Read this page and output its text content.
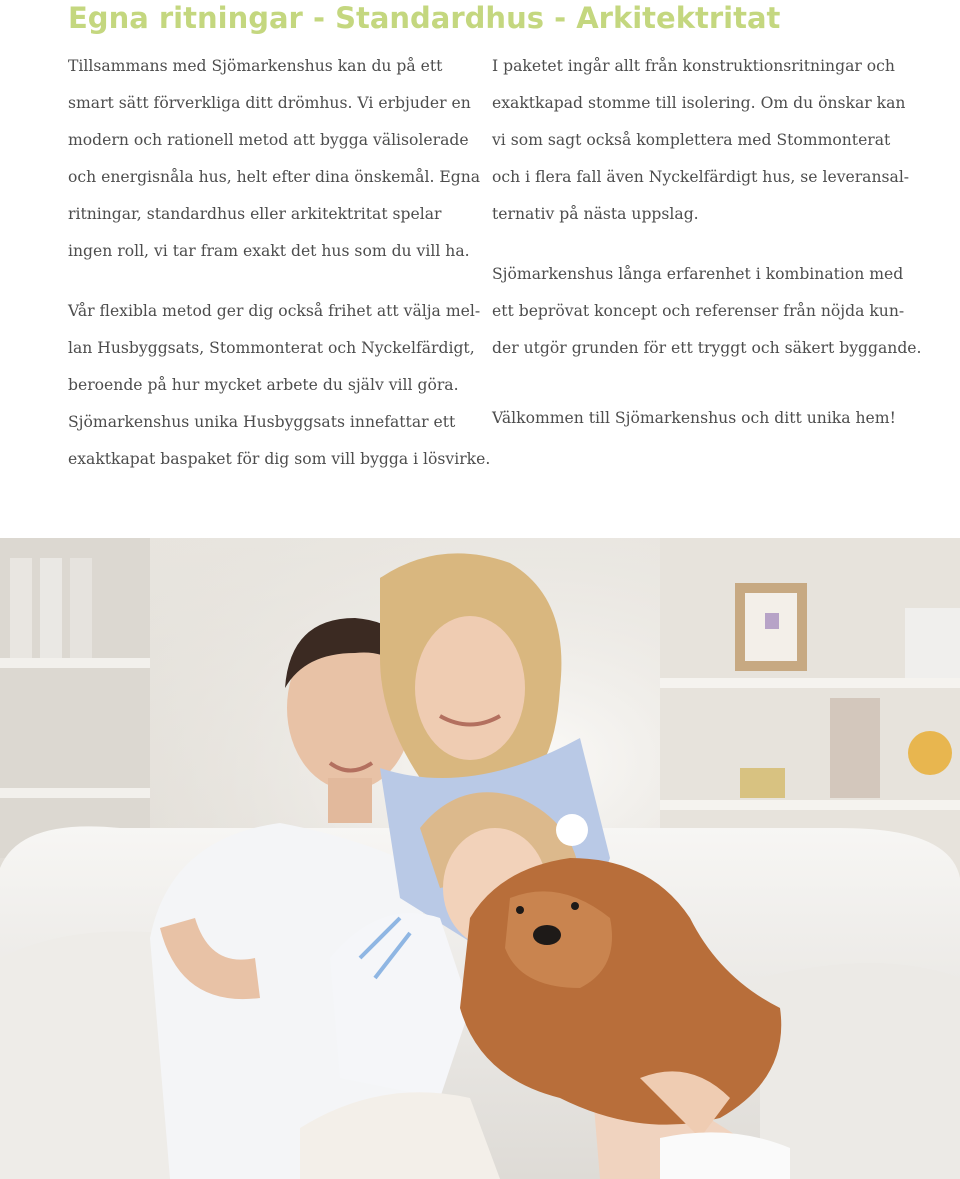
Egna ritningar - Standardhus - Arkitektritat

Tillsammans med Sjömarkenshus kan du på ett
smart sätt förverkliga ditt drömhus. Vi erbjuder en
modern och rationell metod att bygga välisolerade
och energisnåla hus, helt efter dina önskemål. Egna
ritningar, standardhus eller arkitektritat spelar
ingen roll, vi tar fram exakt det hus som du vill ha.

Vår flexibla metod ger dig också frihet att välja mel-
lan Husbyggsats, Stommonterat och Nyckelfärdigt,
beroende på hur mycket arbete du själv vill göra.
Sjömarkenshus unika Husbyggsats innefattar ett
exaktkapat baspaket för dig som vill bygga i lösvirke.

I paketet ingår allt från konstruktionsritningar och
exaktkapad stomme till isolering. Om du önskar kan
vi som sagt också komplettera med Stommonterat
och i flera fall även Nyckelfärdigt hus, se leveransal-
ternativ på nästa uppslag.

Sjömarkenshus långa erfarenhet i kombination med
ett beprövat koncept och referenser från nöjda kun-
der utgör grunden för ett tryggt och säkert byggande.

Välkommen till Sjömarkenshus och ditt unika hem!
